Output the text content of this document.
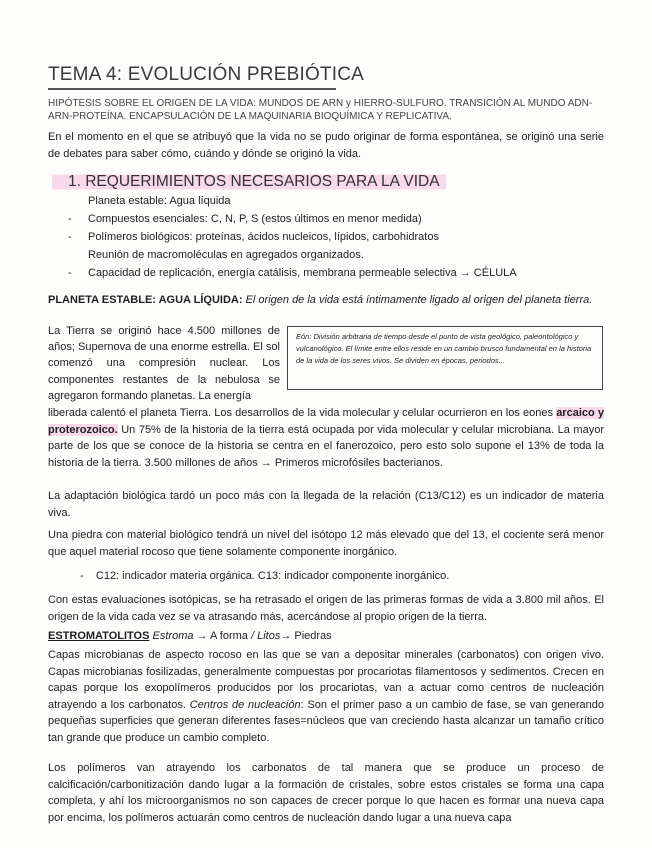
TEMA 4: EVOLUCIÓN PREBIÓTICA
HIPÓTESIS SOBRE EL ORIGEN DE LA VIDA: MUNDOS DE ARN y HIERRO-SULFURO. TRANSICIÓN AL MUNDO ADN-ARN-PROTEÍNA. ENCAPSULACIÓN DE LA MAQUINARIA BIOQUÍMICA Y REPLICATIVA.
En el momento en el que se atribuyó que la vida no se pudo originar de forma espontánea, se originó una serie de debates para saber cómo, cuándo y dónde se originó la vida.
1. REQUERIMIENTOS NECESARIOS PARA LA VIDA
Planeta estable: Agua líquida
- Compuestos esenciales: C, N, P, S (estos últimos en menor medida)
- Polímeros biológicos: proteínas, ácidos nucleicos, lípidos, carbohidratos
Reunión de macromoléculas en agregados organizados.
- Capacidad de replicación, energía catálisis, membrana permeable selectiva → CÉLULA
PLANETA ESTABLE: AGUA LÍQUIDA: El origen de la vida está íntimamente ligado al origen del planeta tierra.
La Tierra se originó hace 4.500 millones de años; Supernova de una enorme estrella. El sol comenzó una compresión nuclear. Los componentes restantes de la nebulosa se agregaron formando planetas. La energía
Eón: División arbitraria de tiempo desde el punto de vista geológico, paleontológico y vulcanológico. El límite entre ellos reside en un cambio brusco fundamental en la historia de la vida de los seres vivos. Se dividen en épocas, periodos...
liberada calentó el planeta Tierra. Los desarrollos de la vida molecular y celular ocurrieron en los eones arcaico y proterozoico. Un 75% de la historia de la tierra está ocupada por vida molecular y celular microbiana. La mayor parte de los que se conoce de la historia se centra en el fanerozoico, pero esto solo supone el 13% de toda la historia de la tierra. 3.500 millones de años → Primeros microfósiles bacterianos.
La adaptación biológica tardó un poco más con la llegada de la relación (C13/C12) es un indicador de materia viva.
Una piedra con material biológico tendrá un nivel del isótopo 12 más elevado que del 13, el cociente será menor que aquel material rocoso que tiene solamente componente inorgánico.
-    C12: indicador materia orgánica. C13: indicador componente inorgánico.
Con estas evaluaciones isotópicas, se ha retrasado el origen de las primeras formas de vida a 3.800 mil años. El origen de la vida cada vez se va atrasando más, acercándose al propio origen de la tierra.
ESTROMATOLITOS Estroma → A forma / Litos→ Piedras
Capas microbianas de aspecto rocoso en las que se van a depositar minerales (carbonatos) con origen vivo. Capas microbianas fosilizadas, generalmente compuestas por procariotas filamentosos y sedimentos. Crecen en capas porque los exopolímeros producidos por los procariotas, van a actuar como centros de nucleación atrayendo a los carbonatos. Centros de nucleación: Son el primer paso a un cambio de fase, se van generando pequeñas superficies que generan diferentes fases=núcleos que van creciendo hasta alcanzar un tamaño crítico tan grande que produce un cambio completo.
Los polímeros van atrayendo los carbonatos de tal manera que se produce un proceso de calcificación/carbonitización dando lugar a la formación de cristales, sobre estos cristales se forma una capa completa, y ahí los microorganismos no son capaces de crecer porque lo que hacen es formar una nueva capa por encima, los polímeros actuarán como centros de nucleación dando lugar a una nueva capa
